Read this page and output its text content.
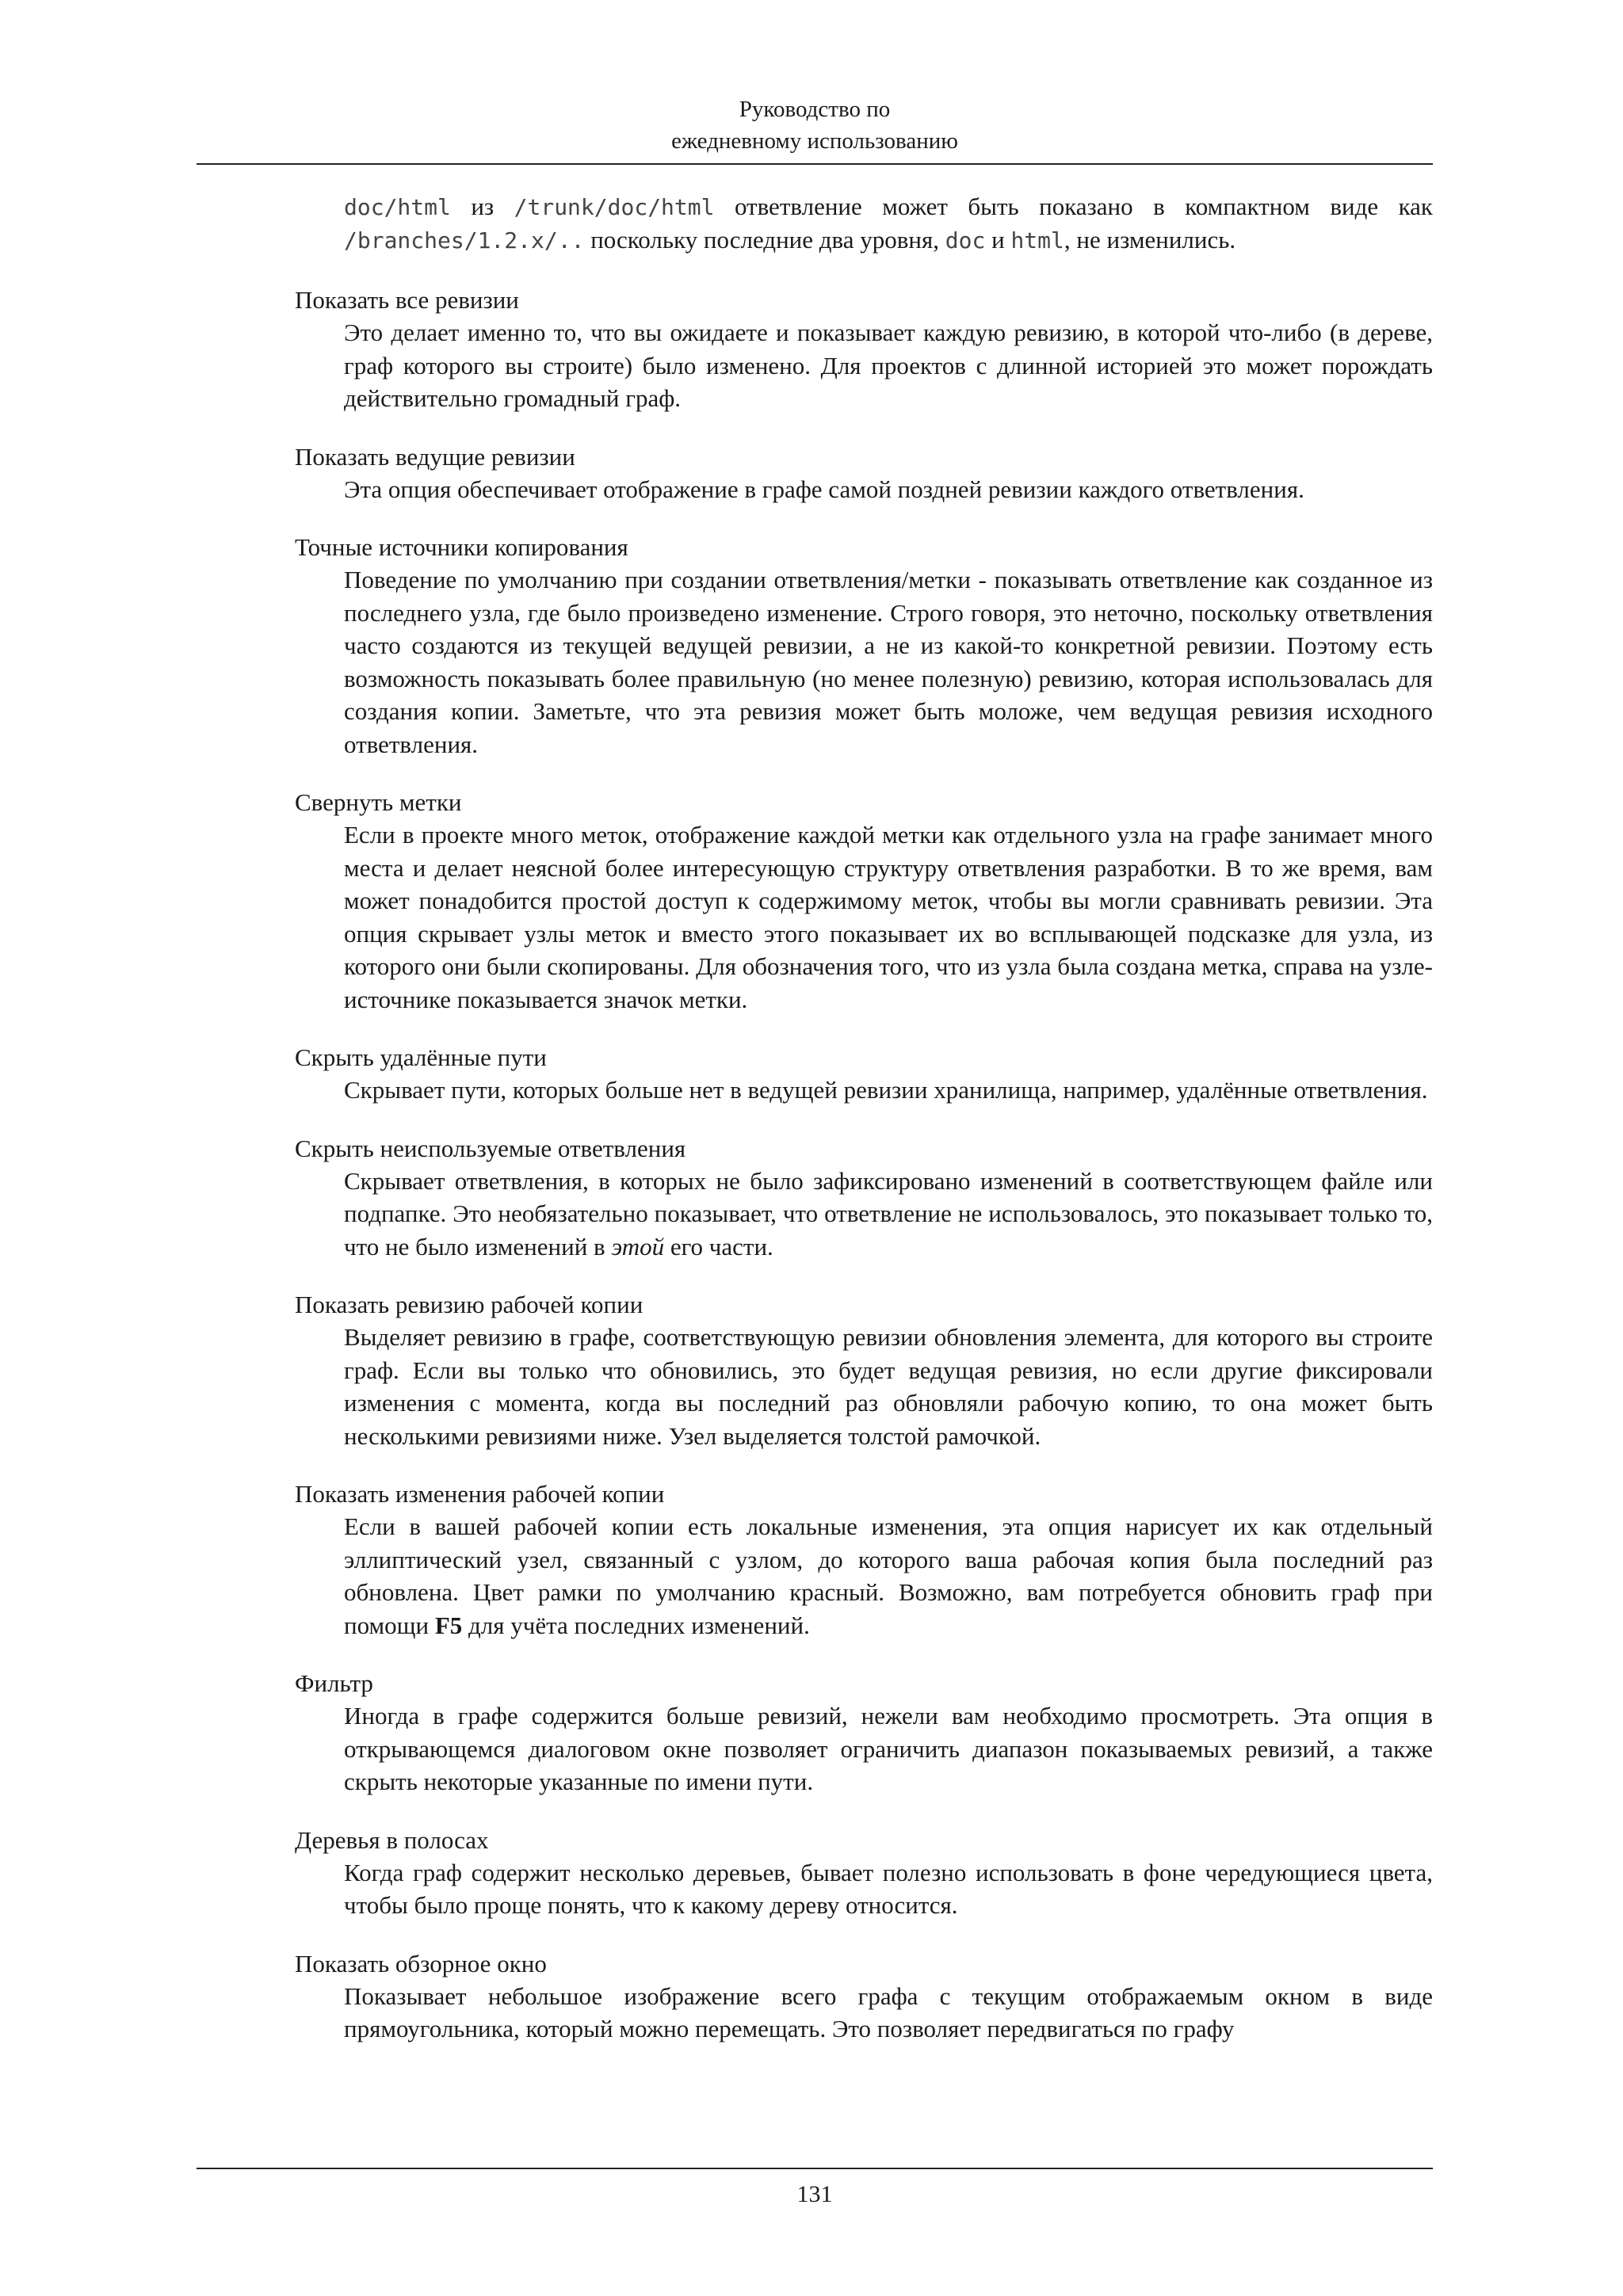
Руководство по
ежедневному использованию
doc/html из /trunk/doc/html ответвление может быть показано в компактном виде как /branches/1.2.x/.. поскольку последние два уровня, doc и html, не изменились.
Показать все ревизии
Это делает именно то, что вы ожидаете и показывает каждую ревизию, в которой что-либо (в дереве, граф которого вы строите) было изменено. Для проектов с длинной историей это может порождать действительно громадный граф.
Показать ведущие ревизии
Эта опция обеспечивает отображение в графе самой поздней ревизии каждого ответвления.
Точные источники копирования
Поведение по умолчанию при создании ответвления/метки - показывать ответвление как созданное из последнего узла, где было произведено изменение. Строго говоря, это неточно, поскольку ответвления часто создаются из текущей ведущей ревизии, а не из какой-то конкретной ревизии. Поэтому есть возможность показывать более правильную (но менее полезную) ревизию, которая использовалась для создания копии. Заметьте, что эта ревизия может быть моложе, чем ведущая ревизия исходного ответвления.
Свернуть метки
Если в проекте много меток, отображение каждой метки как отдельного узла на графе занимает много места и делает неясной более интересующую структуру ответвления разработки. В то же время, вам может понадобится простой доступ к содержимому меток, чтобы вы могли сравнивать ревизии. Эта опция скрывает узлы меток и вместо этого показывает их во всплывающей подсказке для узла, из которого они были скопированы. Для обозначения того, что из узла была создана метка, справа на узле-источнике показывается значок метки.
Скрыть удалённые пути
Скрывает пути, которых больше нет в ведущей ревизии хранилища, например, удалённые ответвления.
Скрыть неиспользуемые ответвления
Скрывает ответвления, в которых не было зафиксировано изменений в соответствующем файле или подпапке. Это необязательно показывает, что ответвление не использовалось, это показывает только то, что не было изменений в этой его части.
Показать ревизию рабочей копии
Выделяет ревизию в графе, соответствующую ревизии обновления элемента, для которого вы строите граф. Если вы только что обновились, это будет ведущая ревизия, но если другие фиксировали изменения с момента, когда вы последний раз обновляли рабочую копию, то она может быть несколькими ревизиями ниже. Узел выделяется толстой рамочкой.
Показать изменения рабочей копии
Если в вашей рабочей копии есть локальные изменения, эта опция нарисует их как отдельный эллиптический узел, связанный с узлом, до которого ваша рабочая копия была последний раз обновлена. Цвет рамки по умолчанию красный. Возможно, вам потребуется обновить граф при помощи F5 для учёта последних изменений.
Фильтр
Иногда в графе содержится больше ревизий, нежели вам необходимо просмотреть. Эта опция в открывающемся диалоговом окне позволяет ограничить диапазон показываемых ревизий, а также скрыть некоторые указанные по имени пути.
Деревья в полосах
Когда граф содержит несколько деревьев, бывает полезно использовать в фоне чередующиеся цвета, чтобы было проще понять, что к какому дереву относится.
Показать обзорное окно
Показывает небольшое изображение всего графа с текущим отображаемым окном в виде прямоугольника, который можно перемещать. Это позволяет передвигаться по графу
131
